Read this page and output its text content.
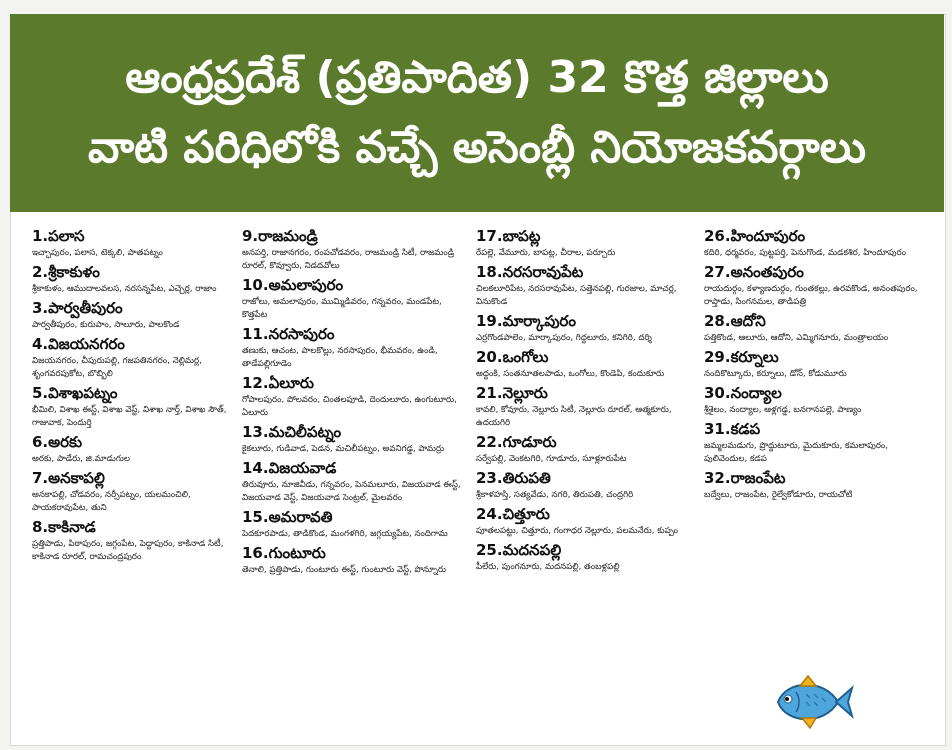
ఆంధ్రప్రదేశ్ (ప్రతిపాదిత) 32 కొత్త జిల్లాలు
వాటి పరిధిలోకి వచ్చే అసెంబ్లీ నియోజకవర్గాలు
1.పలాస
ఇచ్ఛాపురం, పలాస, టెక్కలి, పాతపట్నం
2.శ్రీకాకుళం
శ్రీకాకుళం, ఆముదాలవలస, నరసన్నపేట, ఎచ్చెర్ల, రాజాం
3.పార్వతీపురం
పార్వతీపురం, కురుపాం, సాలూరు, పాలకొండ
4.విజయనగరం
విజయనగరం, చీపురుపల్లి, గజపతినగరం, నెల్లిమర్ల, శృంగవరపుకోట, బొబ్బిలి
5.విశాఖపట్నం
భీమిలి, విశాఖ ఈస్ట్, విశాఖ వెస్ట్, విశాఖ నార్త్, విశాఖ సౌత్, గాజువాక, పెందుర్తి
6.అరకు
అరకు, పాడేరు, జి.మాడుగుల
7.అనకాపల్లి
అనకాపల్లి, చోడవరం, నర్సీపట్నం, యలమంచిలి, పాయకరావుపేట, తుని
8.కాకినాడ
ప్రత్తిపాడు, పిఠాపురం, జగ్గంపేట, పెద్దాపురం, కాకినాడ సిటీ, కాకినాడ రూరల్, రామచంద్రపురం
9.రాజమండ్రి
అనపర్తి, రాజానగరం, రంపచోడవరం, రాజమండ్రి సిటీ, రాజమండ్రి రూరల్, కొవ్వూరు, నిడదవోలు
10.అమలాపురం
రాజోలు, అమలాపురం, ముమ్మిడివరం, గన్నవరం, మండపేట, కొత్తపేట
11.నరసాపురం
తణుకు, ఆచంట, పాలకొల్లు, నరసాపురం, భీమవరం, ఉండి, తాడేపల్లిగూడెం
12.ఏలూరు
గోపాలపురం, పోలవరం, చింతలపూడి, దెందులూరు, ఉంగుటూరు, ఏలూరు
13.మచిలీపట్నం
కైకలూరు, గుడివాడ, పెడన, మచిలీపట్నం, అవనిగడ్డ, పామర్రు
14.విజయవాడ
తిరువూరు, నూజివీడు, గన్నవరం, పెనమలూరు, విజయవాడ ఈస్ట్, విజయవాడ వెస్ట్, విజయవాడ సెంట్రల్, మైలవరం
15.అమరావతి
పెదకూరపాడు, తాడికొండ, మంగళగిరి, జగ్గయ్యపేట, నందిగామ
16.గుంటూరు
తెనాలి, ప్రత్తిపాడు, గుంటూరు ఈస్ట్, గుంటూరు వెస్ట్, పొన్నూరు
17.బాపట్ల
రేపల్లె, వేమూరు, బాపట్ల, చీరాల, పర్చూరు
18.నరసరావుపేట
చిలకలూరిపేట, నరసరావుపేట, సత్తెనపల్లి, గురజాల, మాచర్ల, వినుకొండ
19.మార్కాపురం
ఎర్రగొండపాలెం, మార్కాపురం, గిద్దలూరు, కనిగిరి, దర్శి
20.ఒంగోలు
అద్దంకి, సంతనూతలపాడు, ఒంగోలు, కొండెపి, కందుకూరు
21.నెల్లూరు
కావలి, కోవూరు, నెల్లూరు సిటీ, నెల్లూరు రూరల్, ఆత్మకూరు, ఉదయగిరి
22.గూడూరు
సర్వేపల్లి, వెంకటగిరి, గూడూరు, సూళ్లూరుపేట
23.తిరుపతి
శ్రీకాళహస్తి, సత్యవేడు, నగరి, తిరుపతి, చంద్రగిరి
24.చిత్తూరు
పూతలపట్టు, చిత్తూరు, గంగాధర నెల్లూరు, పలమనేరు, కుప్పం
25.మదనపల్లి
పీలేరు, పుంగనూరు, మదనపల్లి, తంబళ్లపల్లి
26.హిందూపురం
కదిరి, ధర్మవరం, పుట్టపర్తి, పెనుగొండ, మడకశిర, హిందూపురం
27.అనంతపురం
రాయదుర్గం, కళ్యాణదుర్గం, గుంతకల్లు, ఉరవకొండ, అనంతపురం, రాప్తాడు, సింగనమల, తాడిపత్రి
28.ఆదోని
పత్తికొండ, ఆలూరు, ఆదోని, ఎమ్మిగనూరు, మంత్రాలయం
29.కర్నూలు
నందికొట్కూరు, కర్నూలు, డోన్, కోడుమూరు
30.నంద్యాల
శ్రీశైలం, నంద్యాల, ఆళ్లగడ్డ, బనగానపల్లె, పాణ్యం
31.కడప
జమ్మలమడుగు, ప్రొద్దుటూరు, మైదుకూరు, కమలాపురం, పులివెందుల, కడప
32.రాజంపేట
బద్వేలు, రాజంపేట, రైల్వేకోడూరు, రాయచోటి
